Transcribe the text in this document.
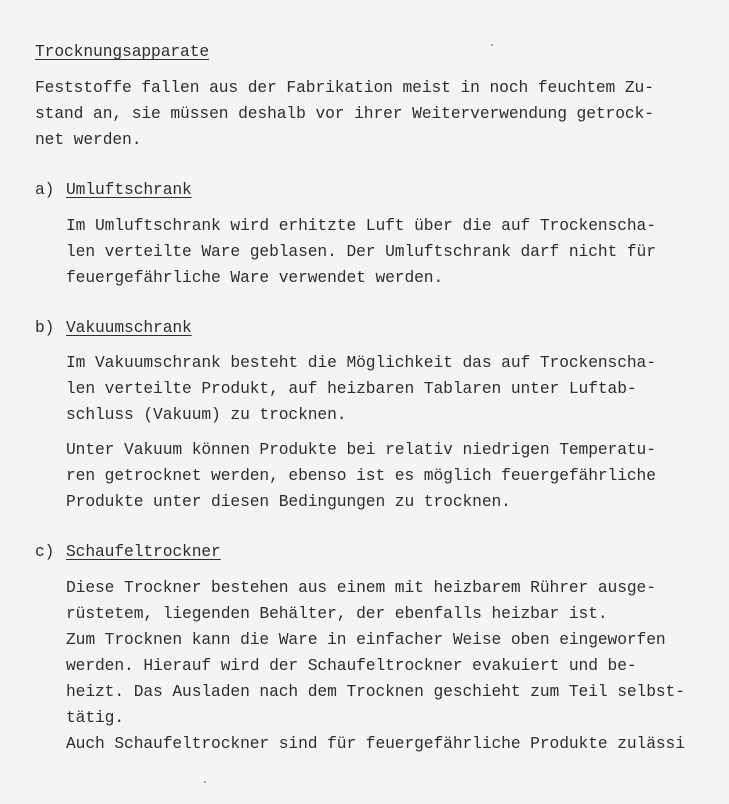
Trocknungsapparate
Feststoffe fallen aus der Fabrikation meist in noch feuchtem Zu-
stand an, sie müssen deshalb vor ihrer Weiterverwendung getrock-
net werden.
a) Umluftschrank
Im Umluftschrank wird erhitzte Luft über die auf Trockenscha-
len verteilte Ware geblasen. Der Umluftschrank darf nicht für
feuergefährliche Ware verwendet werden.
b) Vakuumschrank
Im Vakuumschrank besteht die Möglichkeit das auf Trockenscha-
len verteilte Produkt, auf heizbaren Tablaren unter Luftab-
schluss (Vakuum) zu trocknen.
Unter Vakuum können Produkte bei relativ niedrigen Temperatu-
ren getrocknet werden, ebenso ist es möglich feuergefährliche
Produkte unter diesen Bedingungen zu trocknen.
c) Schaufeltrockner
Diese Trockner bestehen aus einem mit heizbarem Rührer ausge-
rüstetem, liegenden Behälter, der ebenfalls heizbar ist.
Zum Trocknen kann die Ware in einfacher Weise oben eingeworfen
werden. Hierauf wird der Schaufeltrockner evakuiert und be-
heizt. Das Ausladen nach dem Trocknen geschieht zum Teil selbst-
tätig.
Auch Schaufeltrockner sind für feuergefährliche Produkte zulässi
